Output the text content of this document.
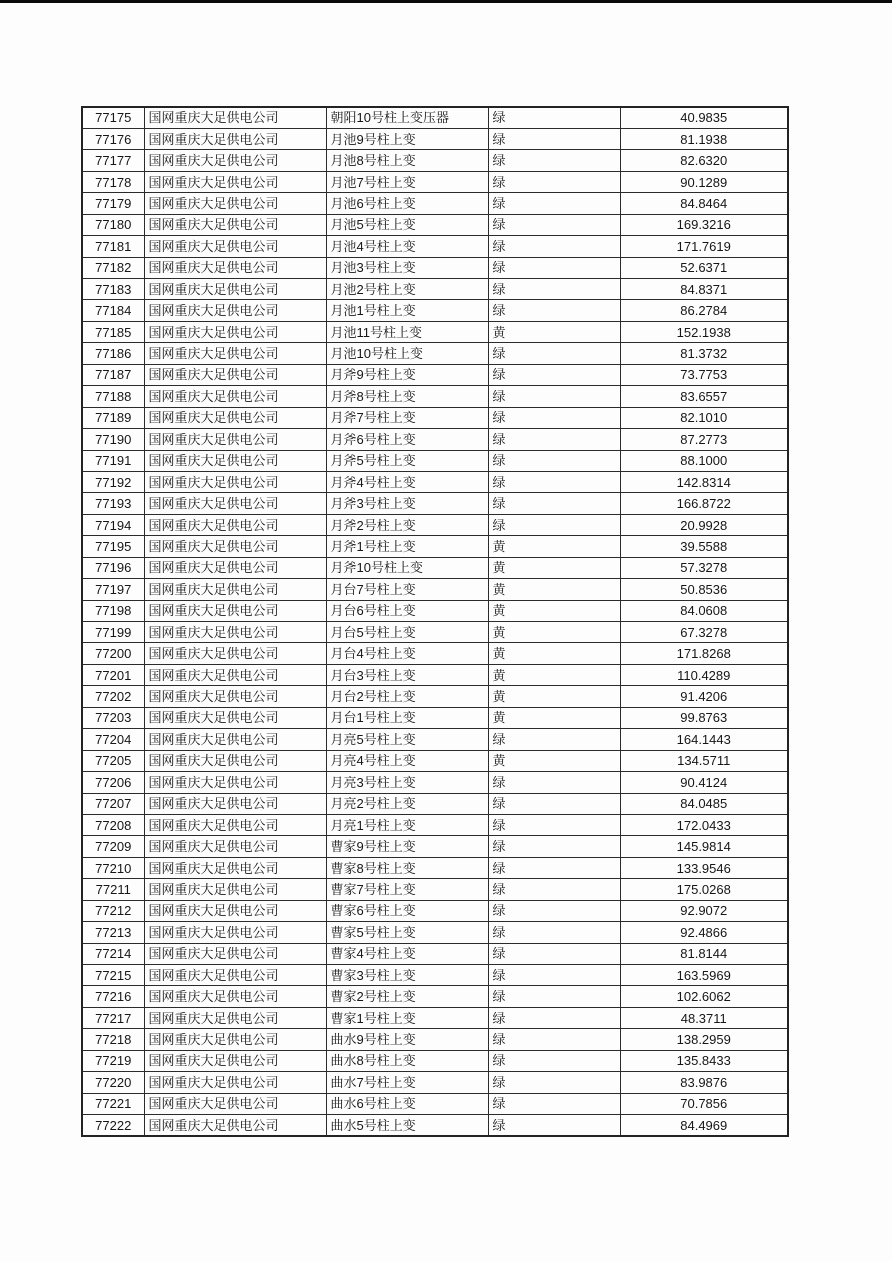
77175	国网重庆大足供电公司	朝阳10号柱上变压器	绿	40.9835
77176	国网重庆大足供电公司	月池9号柱上变	绿	81.1938
77177	国网重庆大足供电公司	月池8号柱上变	绿	82.6320
77178	国网重庆大足供电公司	月池7号柱上变	绿	90.1289
77179	国网重庆大足供电公司	月池6号柱上变	绿	84.8464
77180	国网重庆大足供电公司	月池5号柱上变	绿	169.3216
77181	国网重庆大足供电公司	月池4号柱上变	绿	171.7619
77182	国网重庆大足供电公司	月池3号柱上变	绿	52.6371
77183	国网重庆大足供电公司	月池2号柱上变	绿	84.8371
77184	国网重庆大足供电公司	月池1号柱上变	绿	86.2784
77185	国网重庆大足供电公司	月池11号柱上变	黄	152.1938
77186	国网重庆大足供电公司	月池10号柱上变	绿	81.3732
77187	国网重庆大足供电公司	月斧9号柱上变	绿	73.7753
77188	国网重庆大足供电公司	月斧8号柱上变	绿	83.6557
77189	国网重庆大足供电公司	月斧7号柱上变	绿	82.1010
77190	国网重庆大足供电公司	月斧6号柱上变	绿	87.2773
77191	国网重庆大足供电公司	月斧5号柱上变	绿	88.1000
77192	国网重庆大足供电公司	月斧4号柱上变	绿	142.8314
77193	国网重庆大足供电公司	月斧3号柱上变	绿	166.8722
77194	国网重庆大足供电公司	月斧2号柱上变	绿	20.9928
77195	国网重庆大足供电公司	月斧1号柱上变	黄	39.5588
77196	国网重庆大足供电公司	月斧10号柱上变	黄	57.3278
77197	国网重庆大足供电公司	月台7号柱上变	黄	50.8536
77198	国网重庆大足供电公司	月台6号柱上变	黄	84.0608
77199	国网重庆大足供电公司	月台5号柱上变	黄	67.3278
77200	国网重庆大足供电公司	月台4号柱上变	黄	171.8268
77201	国网重庆大足供电公司	月台3号柱上变	黄	110.4289
77202	国网重庆大足供电公司	月台2号柱上变	黄	91.4206
77203	国网重庆大足供电公司	月台1号柱上变	黄	99.8763
77204	国网重庆大足供电公司	月亮5号柱上变	绿	164.1443
77205	国网重庆大足供电公司	月亮4号柱上变	黄	134.5711
77206	国网重庆大足供电公司	月亮3号柱上变	绿	90.4124
77207	国网重庆大足供电公司	月亮2号柱上变	绿	84.0485
77208	国网重庆大足供电公司	月亮1号柱上变	绿	172.0433
77209	国网重庆大足供电公司	曹家9号柱上变	绿	145.9814
77210	国网重庆大足供电公司	曹家8号柱上变	绿	133.9546
77211	国网重庆大足供电公司	曹家7号柱上变	绿	175.0268
77212	国网重庆大足供电公司	曹家6号柱上变	绿	92.9072
77213	国网重庆大足供电公司	曹家5号柱上变	绿	92.4866
77214	国网重庆大足供电公司	曹家4号柱上变	绿	81.8144
77215	国网重庆大足供电公司	曹家3号柱上变	绿	163.5969
77216	国网重庆大足供电公司	曹家2号柱上变	绿	102.6062
77217	国网重庆大足供电公司	曹家1号柱上变	绿	48.3711
77218	国网重庆大足供电公司	曲水9号柱上变	绿	138.2959
77219	国网重庆大足供电公司	曲水8号柱上变	绿	135.8433
77220	国网重庆大足供电公司	曲水7号柱上变	绿	83.9876
77221	国网重庆大足供电公司	曲水6号柱上变	绿	70.7856
77222	国网重庆大足供电公司	曲水5号柱上变	绿	84.4969
